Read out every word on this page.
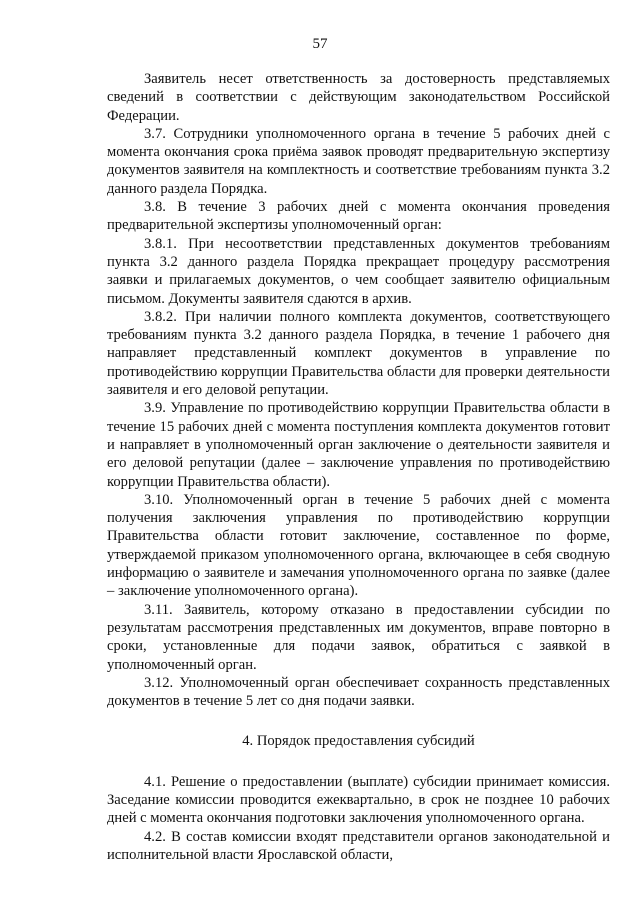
57

Заявитель несет ответственность за достоверность представляемых сведений в соответствии с действующим законодательством Российской Федерации.

3.7. Сотрудники уполномоченного органа в течение 5 рабочих дней с момента окончания срока приёма заявок проводят предварительную экспертизу документов заявителя на комплектность и соответствие требованиям пункта 3.2 данного раздела Порядка.

3.8. В течение 3 рабочих дней с момента окончания проведения предварительной экспертизы уполномоченный орган:

3.8.1. При несоответствии представленных документов требованиям пункта 3.2 данного раздела Порядка прекращает процедуру рассмотрения заявки и прилагаемых документов, о чем сообщает заявителю официальным письмом. Документы заявителя сдаются в архив.

3.8.2. При наличии полного комплекта документов, соответствующего требованиям пункта 3.2 данного раздела Порядка, в течение 1 рабочего дня направляет представленный комплект документов в управление по противодействию коррупции Правительства области для проверки деятельности заявителя и его деловой репутации.

3.9. Управление по противодействию коррупции Правительства области в течение 15 рабочих дней с момента поступления комплекта документов готовит и направляет в уполномоченный орган заключение о деятельности заявителя и его деловой репутации (далее – заключение управления по противодействию коррупции Правительства области).

3.10. Уполномоченный орган в течение 5 рабочих дней с момента получения заключения управления по противодействию коррупции Правительства области готовит заключение, составленное по форме, утверждаемой приказом уполномоченного органа, включающее в себя сводную информацию о заявителе и замечания уполномоченного органа по заявке (далее – заключение уполномоченного органа).

3.11. Заявитель, которому отказано в предоставлении субсидии по результатам рассмотрения представленных им документов, вправе повторно в сроки, установленные для подачи заявок, обратиться с заявкой в уполномоченный орган.

3.12. Уполномоченный орган обеспечивает сохранность представленных документов в течение 5 лет со дня подачи заявки.

4. Порядок предоставления субсидий

4.1. Решение о предоставлении (выплате) субсидии принимает комиссия. Заседание комиссии проводится ежеквартально, в срок не позднее 10 рабочих дней с момента окончания подготовки заключения уполномоченного органа.

4.2. В состав комиссии входят представители органов законодательной и исполнительной власти Ярославской области,
